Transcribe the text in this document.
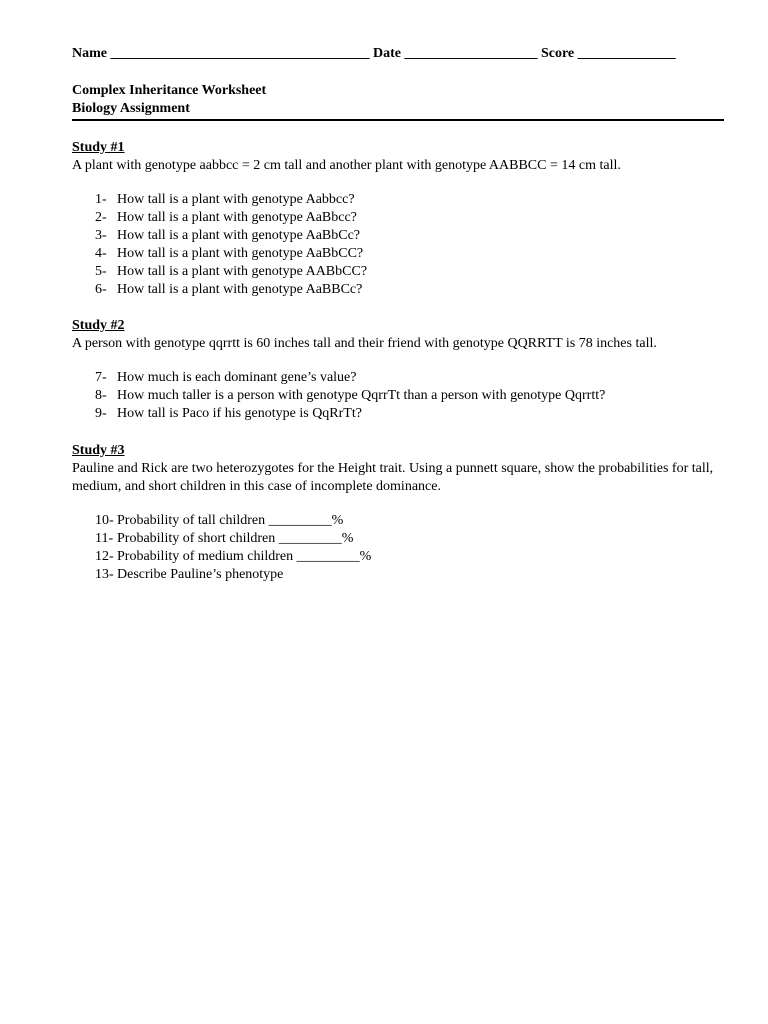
Name _____________________________________ Date ___________________ Score ______________
Complex Inheritance Worksheet
Biology Assignment
Study #1
A plant with genotype aabbcc = 2 cm tall and another plant with genotype AABBCC = 14 cm tall.
1- How tall is a plant with genotype Aabbcc?
2- How tall is a plant with genotype AaBbcc?
3- How tall is a plant with genotype AaBbCc?
4- How tall is a plant with genotype AaBbCC?
5- How tall is a plant with genotype AABbCC?
6- How tall is a plant with genotype AaBBCc?
Study #2
A person with genotype qqrrtt is 60 inches tall and their friend with genotype QQRRTT is 78 inches tall.
7- How much is each dominant gene’s value?
8- How much taller is a person with genotype QqrrTt than a person with genotype Qqrrtt?
9- How tall is Paco if his genotype is QqRrTt?
Study #3
Pauline and Rick are two heterozygotes for the Height trait. Using a punnett square, show the probabilities for tall, medium, and short children in this case of incomplete dominance.
10- Probability of tall children _________%
11- Probability of short children _________%
12- Probability of medium children _________%
13- Describe Pauline’s phenotype
